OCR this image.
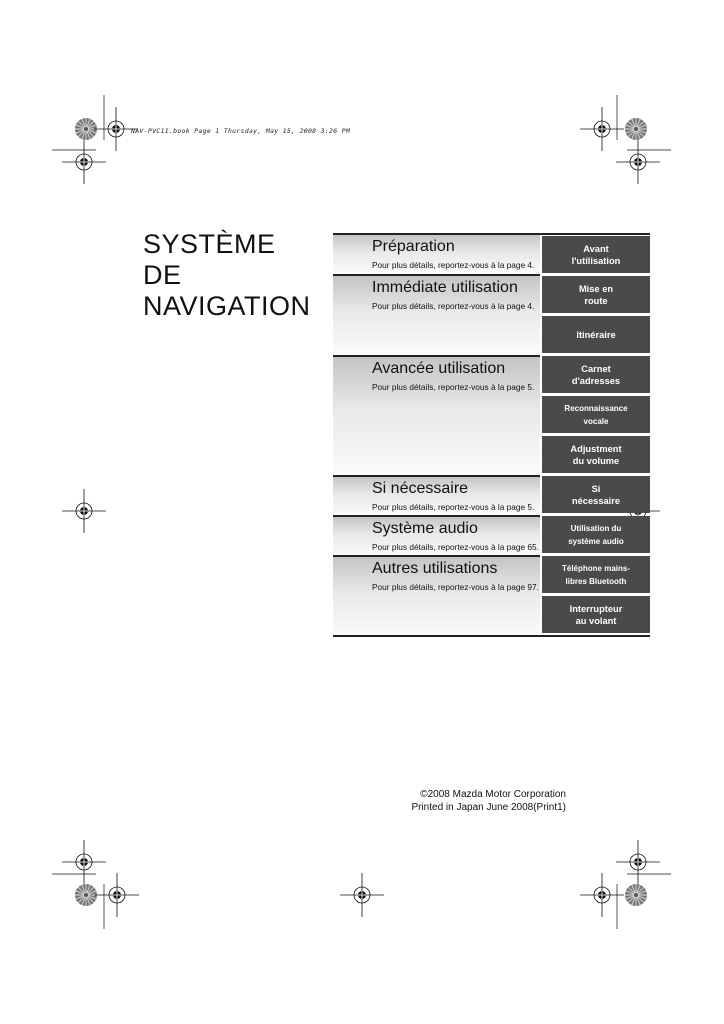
NAV-PVC11.book Page 1 Thursday, May 15, 2008 3:26 PM
SYSTÈME
DE
NAVIGATION
Préparation
Pour plus détails, reportez-vous à la page 4.
Immédiate utilisation
Pour plus détails, reportez-vous à la page 4.
Avancée utilisation
Pour plus détails, reportez-vous à la page 5.
Si nécessaire
Pour plus détails, reportez-vous à la page 5.
Système audio
Pour plus détails, reportez-vous à la page 65.
Autres utilisations
Pour plus détails, reportez-vous à la page 97.
Avant
l'utilisation
Mise en
route
Itinéraire
Carnet
d'adresses
Reconnaissance
vocale
Adjustment
du volume
Si
nécessaire
Utilisation du
système audio
Téléphone mains-
libres Bluetooth
Interrupteur
au volant
©2008 Mazda Motor Corporation
Printed in Japan June 2008(Print1)
